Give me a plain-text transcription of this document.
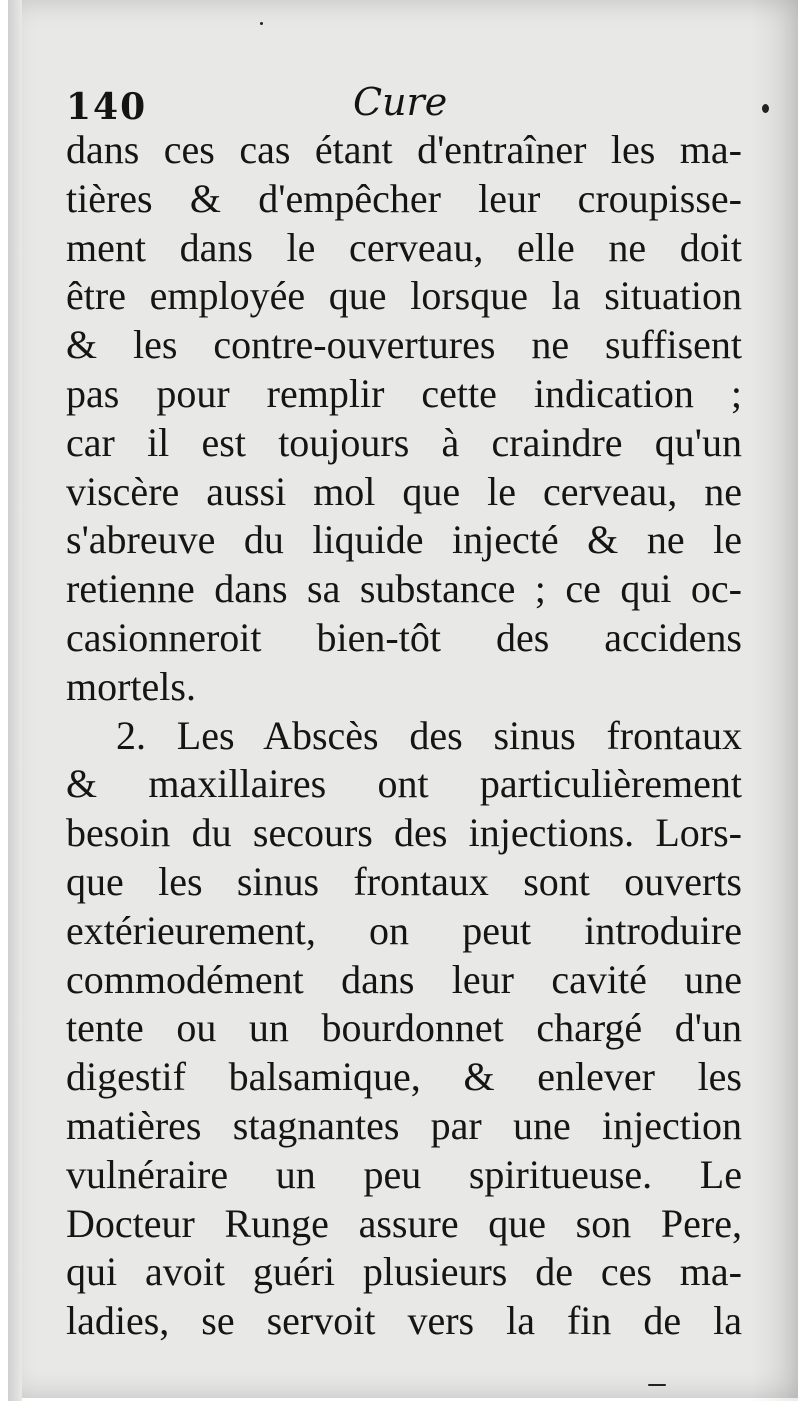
140	Cure
dans ces cas étant d'entraîner les ma-
tières & d'empêcher leur croupisse-
ment dans le cerveau, elle ne doit
être employée que lorsque la situation
& les contre-ouvertures ne suffisent
pas pour remplir cette indication ;
car il est toujours à craindre qu'un
viscère aussi mol que le cerveau, ne
s'abreuve du liquide injecté & ne le
retienne dans sa substance ; ce qui oc-
casionneroit bien-tôt des accidens
mortels.
2. Les Abscès des sinus frontaux
& maxillaires ont particulièrement
besoin du secours des injections. Lors-
que les sinus frontaux sont ouverts
extérieurement, on peut introduire
commodément dans leur cavité une
tente ou un bourdonnet chargé d'un
digestif balsamique, & enlever les
matières stagnantes par une injection
vulnéraire un peu spiritueuse. Le
Docteur Runge assure que son Pere,
qui avoit guéri plusieurs de ces ma-
ladies, se servoit vers la fin de la
